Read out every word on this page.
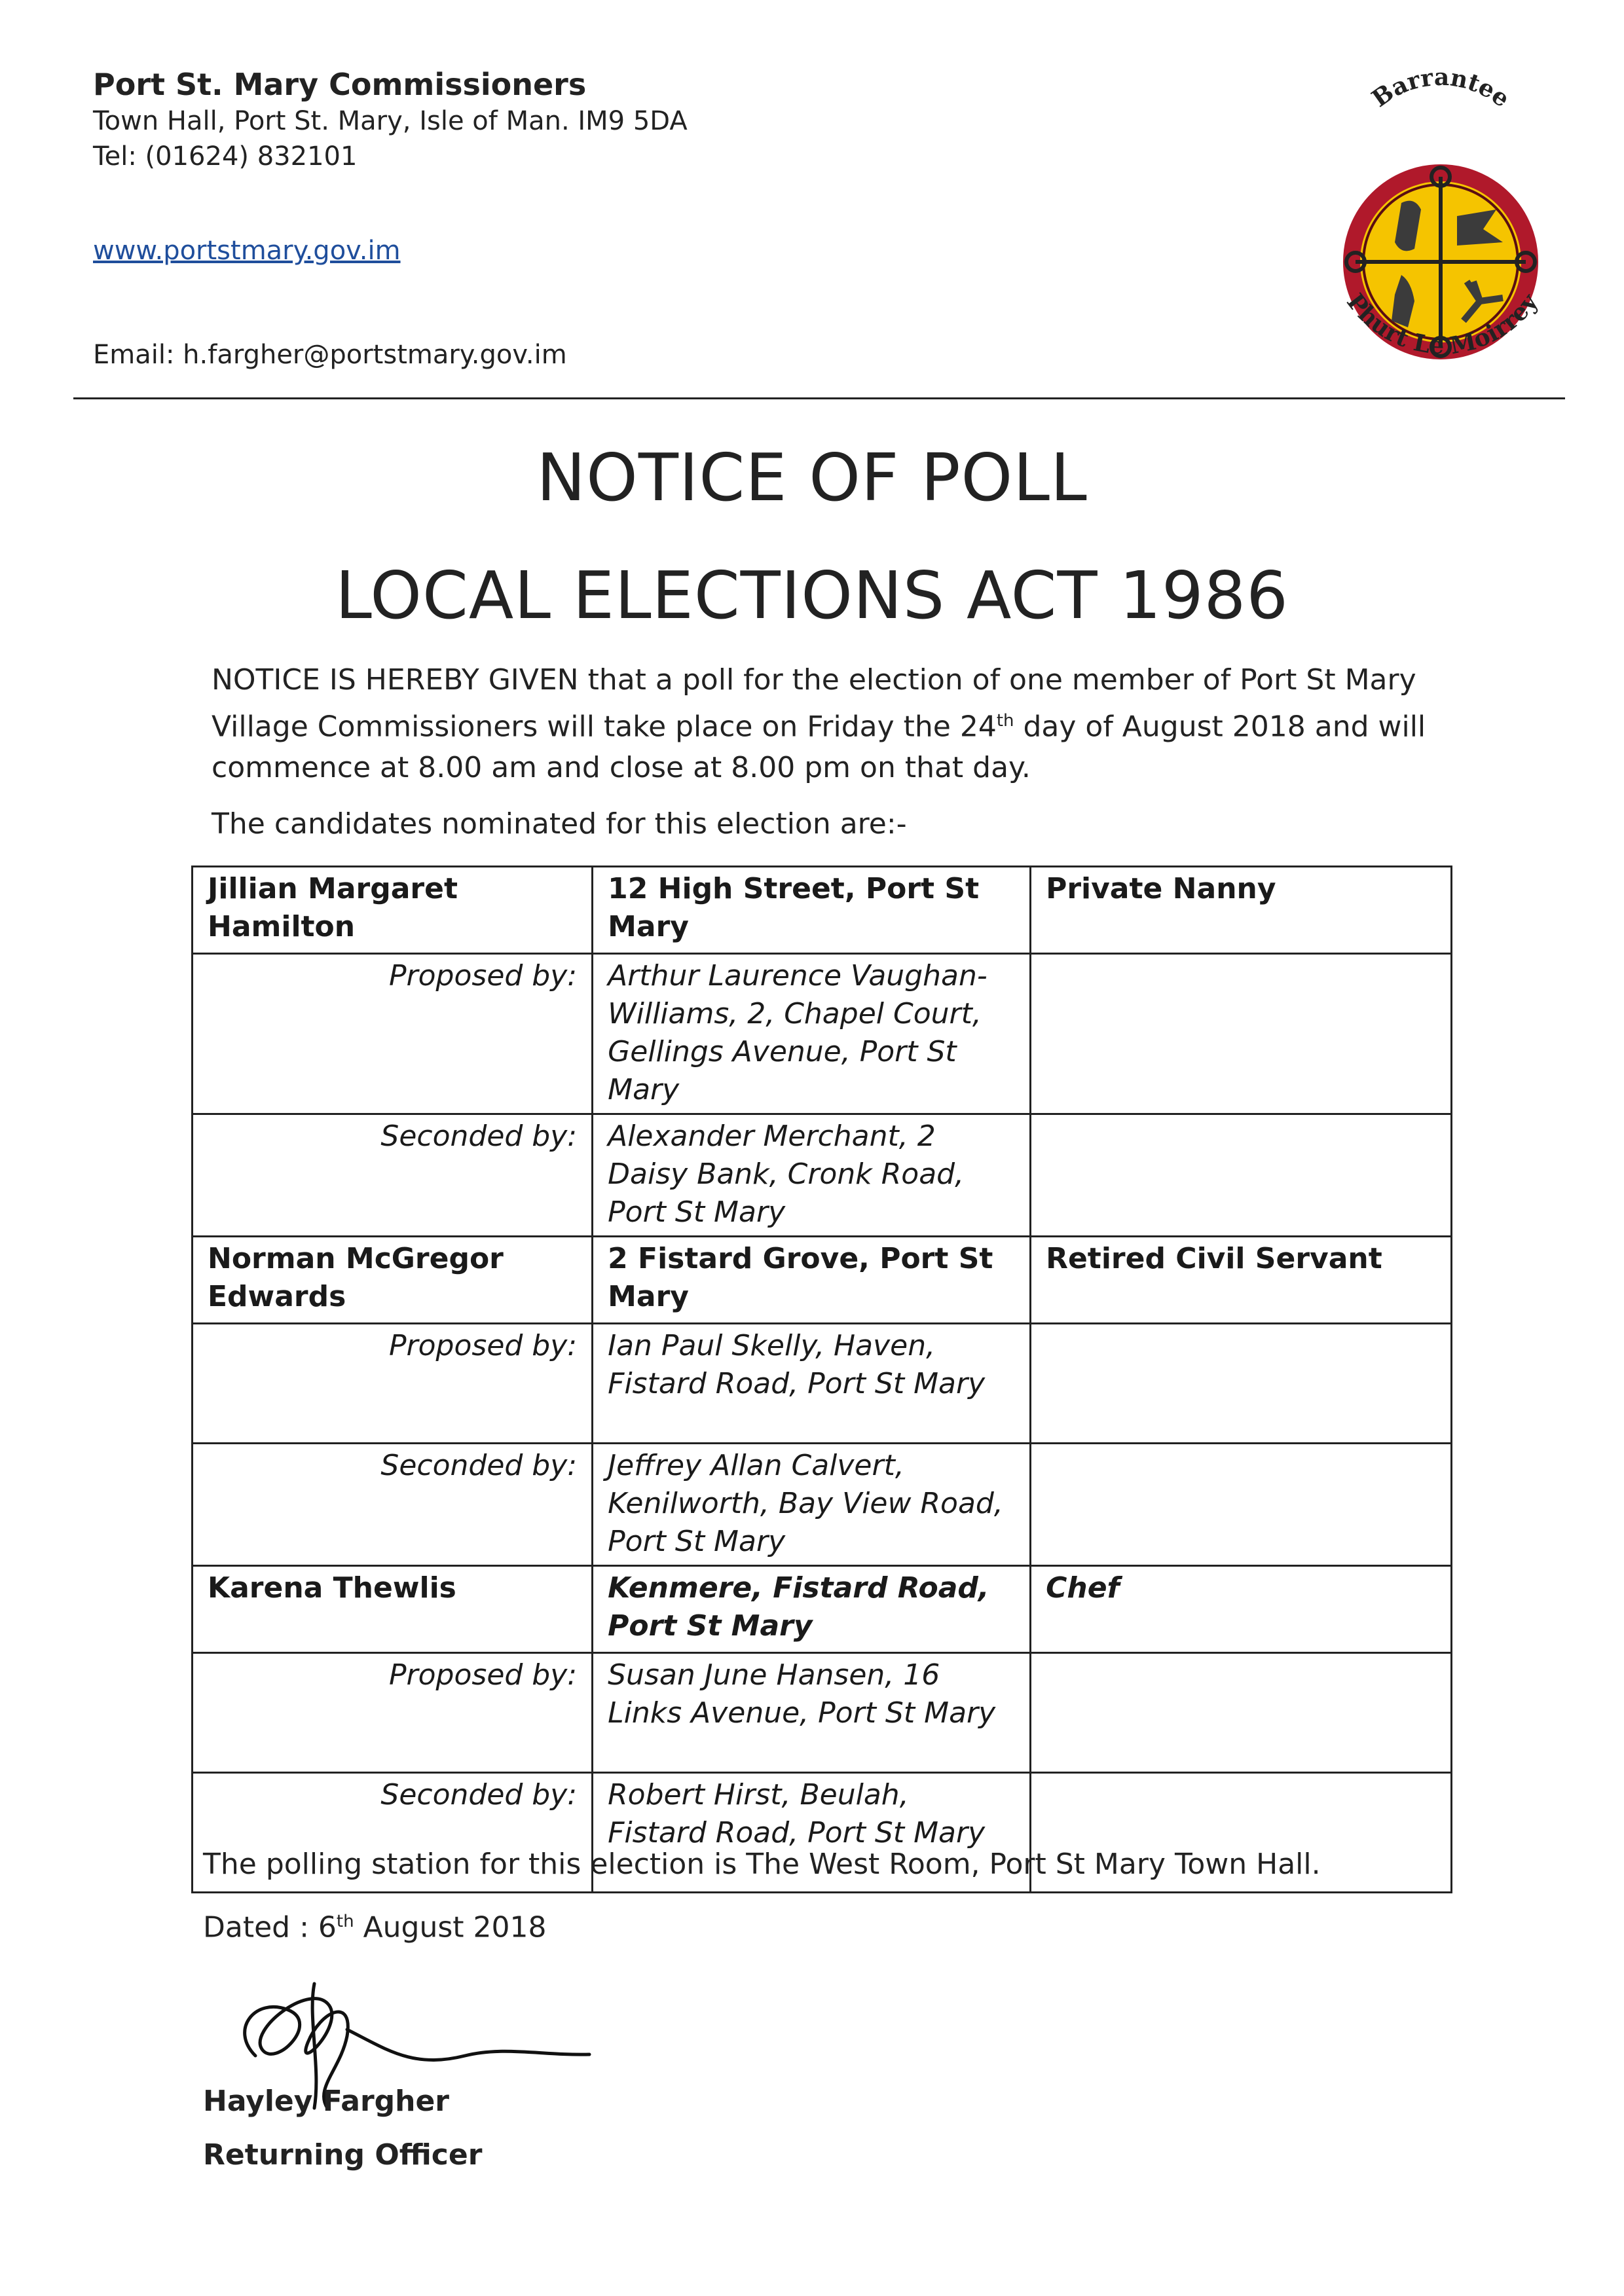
Port St. Mary Commissioners
Town Hall, Port St. Mary, Isle of Man. IM9 5DA
Tel: (01624) 832101
www.portstmary.gov.im
Email: h.fargher@portstmary.gov.im
Barrantee
Phurt Le Moirrey
NOTICE OF POLL
LOCAL ELECTIONS ACT 1986
NOTICE IS HEREBY GIVEN that a poll for the election of one member of Port St Mary Village Commissioners will take place on Friday the 24th day of August 2018 and will commence at 8.00 am and close at 8.00 pm on that day.
The candidates nominated for this election are:-
Jillian Margaret Hamilton	12 High Street, Port St Mary	Private Nanny
Proposed by:	Arthur Laurence Vaughan-Williams, 2, Chapel Court, Gellings Avenue, Port St Mary	
Seconded by:	Alexander Merchant, 2 Daisy Bank, Cronk Road, Port St Mary	
Norman McGregor Edwards	2 Fistard Grove, Port St Mary	Retired Civil Servant
Proposed by:	Ian Paul Skelly, Haven, Fistard Road, Port St Mary	
Seconded by:	Jeffrey Allan Calvert, Kenilworth, Bay View Road, Port St Mary	
Karena Thewlis	Kenmere, Fistard Road, Port St Mary	Chef
Proposed by:	Susan June Hansen, 16 Links Avenue, Port St Mary	
Seconded by:	Robert Hirst, Beulah, Fistard Road, Port St Mary	
The polling station for this election is The West Room, Port St Mary Town Hall.
Dated : 6th August 2018
Hayley Fargher
Returning Officer
